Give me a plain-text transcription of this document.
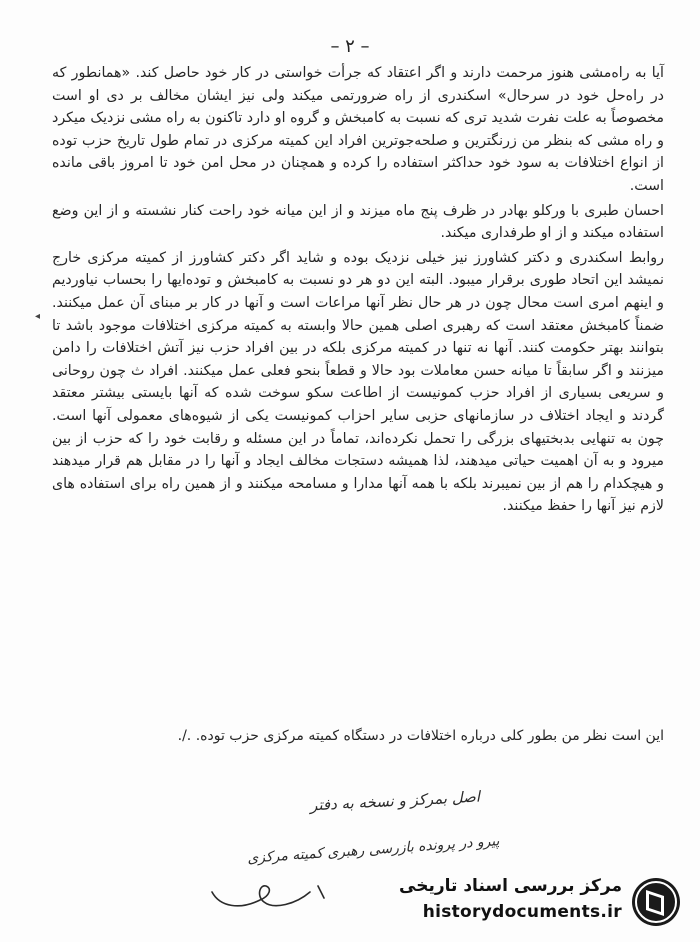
– ۲ –
◂

آیا به راه‌مشی هنوز مرحمت دارند و اگر اعتقاد که جرأت خواستی در کار خود حاصل کند. «همانطور که در راه‌حل خود در سرحال» اسکندری از راه ضرورتمی میکند ولی نیز ایشان مخالف بر دی او است مخصوصاً به علت نفرت شدید تری که نسبت به کامبخش و گروه او دارد تاکنون به راه مشی نزدیک میکرد و راه مشی که بنظر من زرنگترین و صلحه‌جوترین افراد این کمیته مرکزی در تمام طول تاریخ حزب توده از انواع اختلافات به سود خود حداکثر استفاده را کرده و همچنان در محل امن خود تا امروز باقی مانده است.

احسان طبری با ورکلو بهادر در ظرف پنج ماه میزند و از این میانه خود راحت کنار نشسته و از این وضع استفاده میکند و از او طرفداری میکند.

روابط اسکندری و دکتر کشاورز نیز خیلی نزدیک بوده و شاید اگر دکتر کشاورز از کمیته مرکزی خارج نمیشد این اتحاد طوری برقرار میبود. البته این دو هر دو نسبت به کامبخش و توده‌ایها را بحساب نیاوردیم و اینهم امری است محال چون در هر حال نظر آنها مراعات است و آنها در کار بر مبنای آن عمل میکنند. ضمناً کامبخش معتقد است که رهبری اصلی همین حالا وابسته به کمیته مرکزی اختلافات موجود باشد تا بتوانند بهتر حکومت کنند. آنها نه تنها در کمیته مرکزی بلکه در بین افراد حزب نیز آتش اختلافات را دامن میزنند و اگر سابقاً تا میانه حسن معاملات بود حالا و قطعاً بنحو فعلی عمل میکنند. افراد ث چون روحانی و سریعی بسیاری از افراد حزب کمونیست از اطاعت سکو سوخت شده که آنها بایستی بیشتر معتقد گردند و ایجاد اختلاف در سازمانهای حزبی سایر احزاب کمونیست یکی از شیوه‌های معمولی آنها است. چون به تنهایی بدبختیهای بزرگی را تحمل نکرده‌اند، تماماً در این مسئله و رقابت خود را که حزب از بین میرود و به آن اهمیت حیاتی میدهند، لذا همیشه دستجات مخالف ایجاد و آنها را در مقابل هم قرار میدهند و هیچکدام را هم از بین نمیبرند بلکه با همه آنها مدارا و مسامحه میکنند و از همین راه برای استفاده های لازم نیز آنها را حفظ میکنند.

این است نظر من بطور کلی درباره اختلافات در دستگاه کمیته مرکزی حزب توده. ./.
اصل بمرکز و نسخه به دفتر
پیرو در پرونده بازرسی رهبری کمیته مرکزی
مرکز بررسی اسناد تاریخی
historydocuments.ir
